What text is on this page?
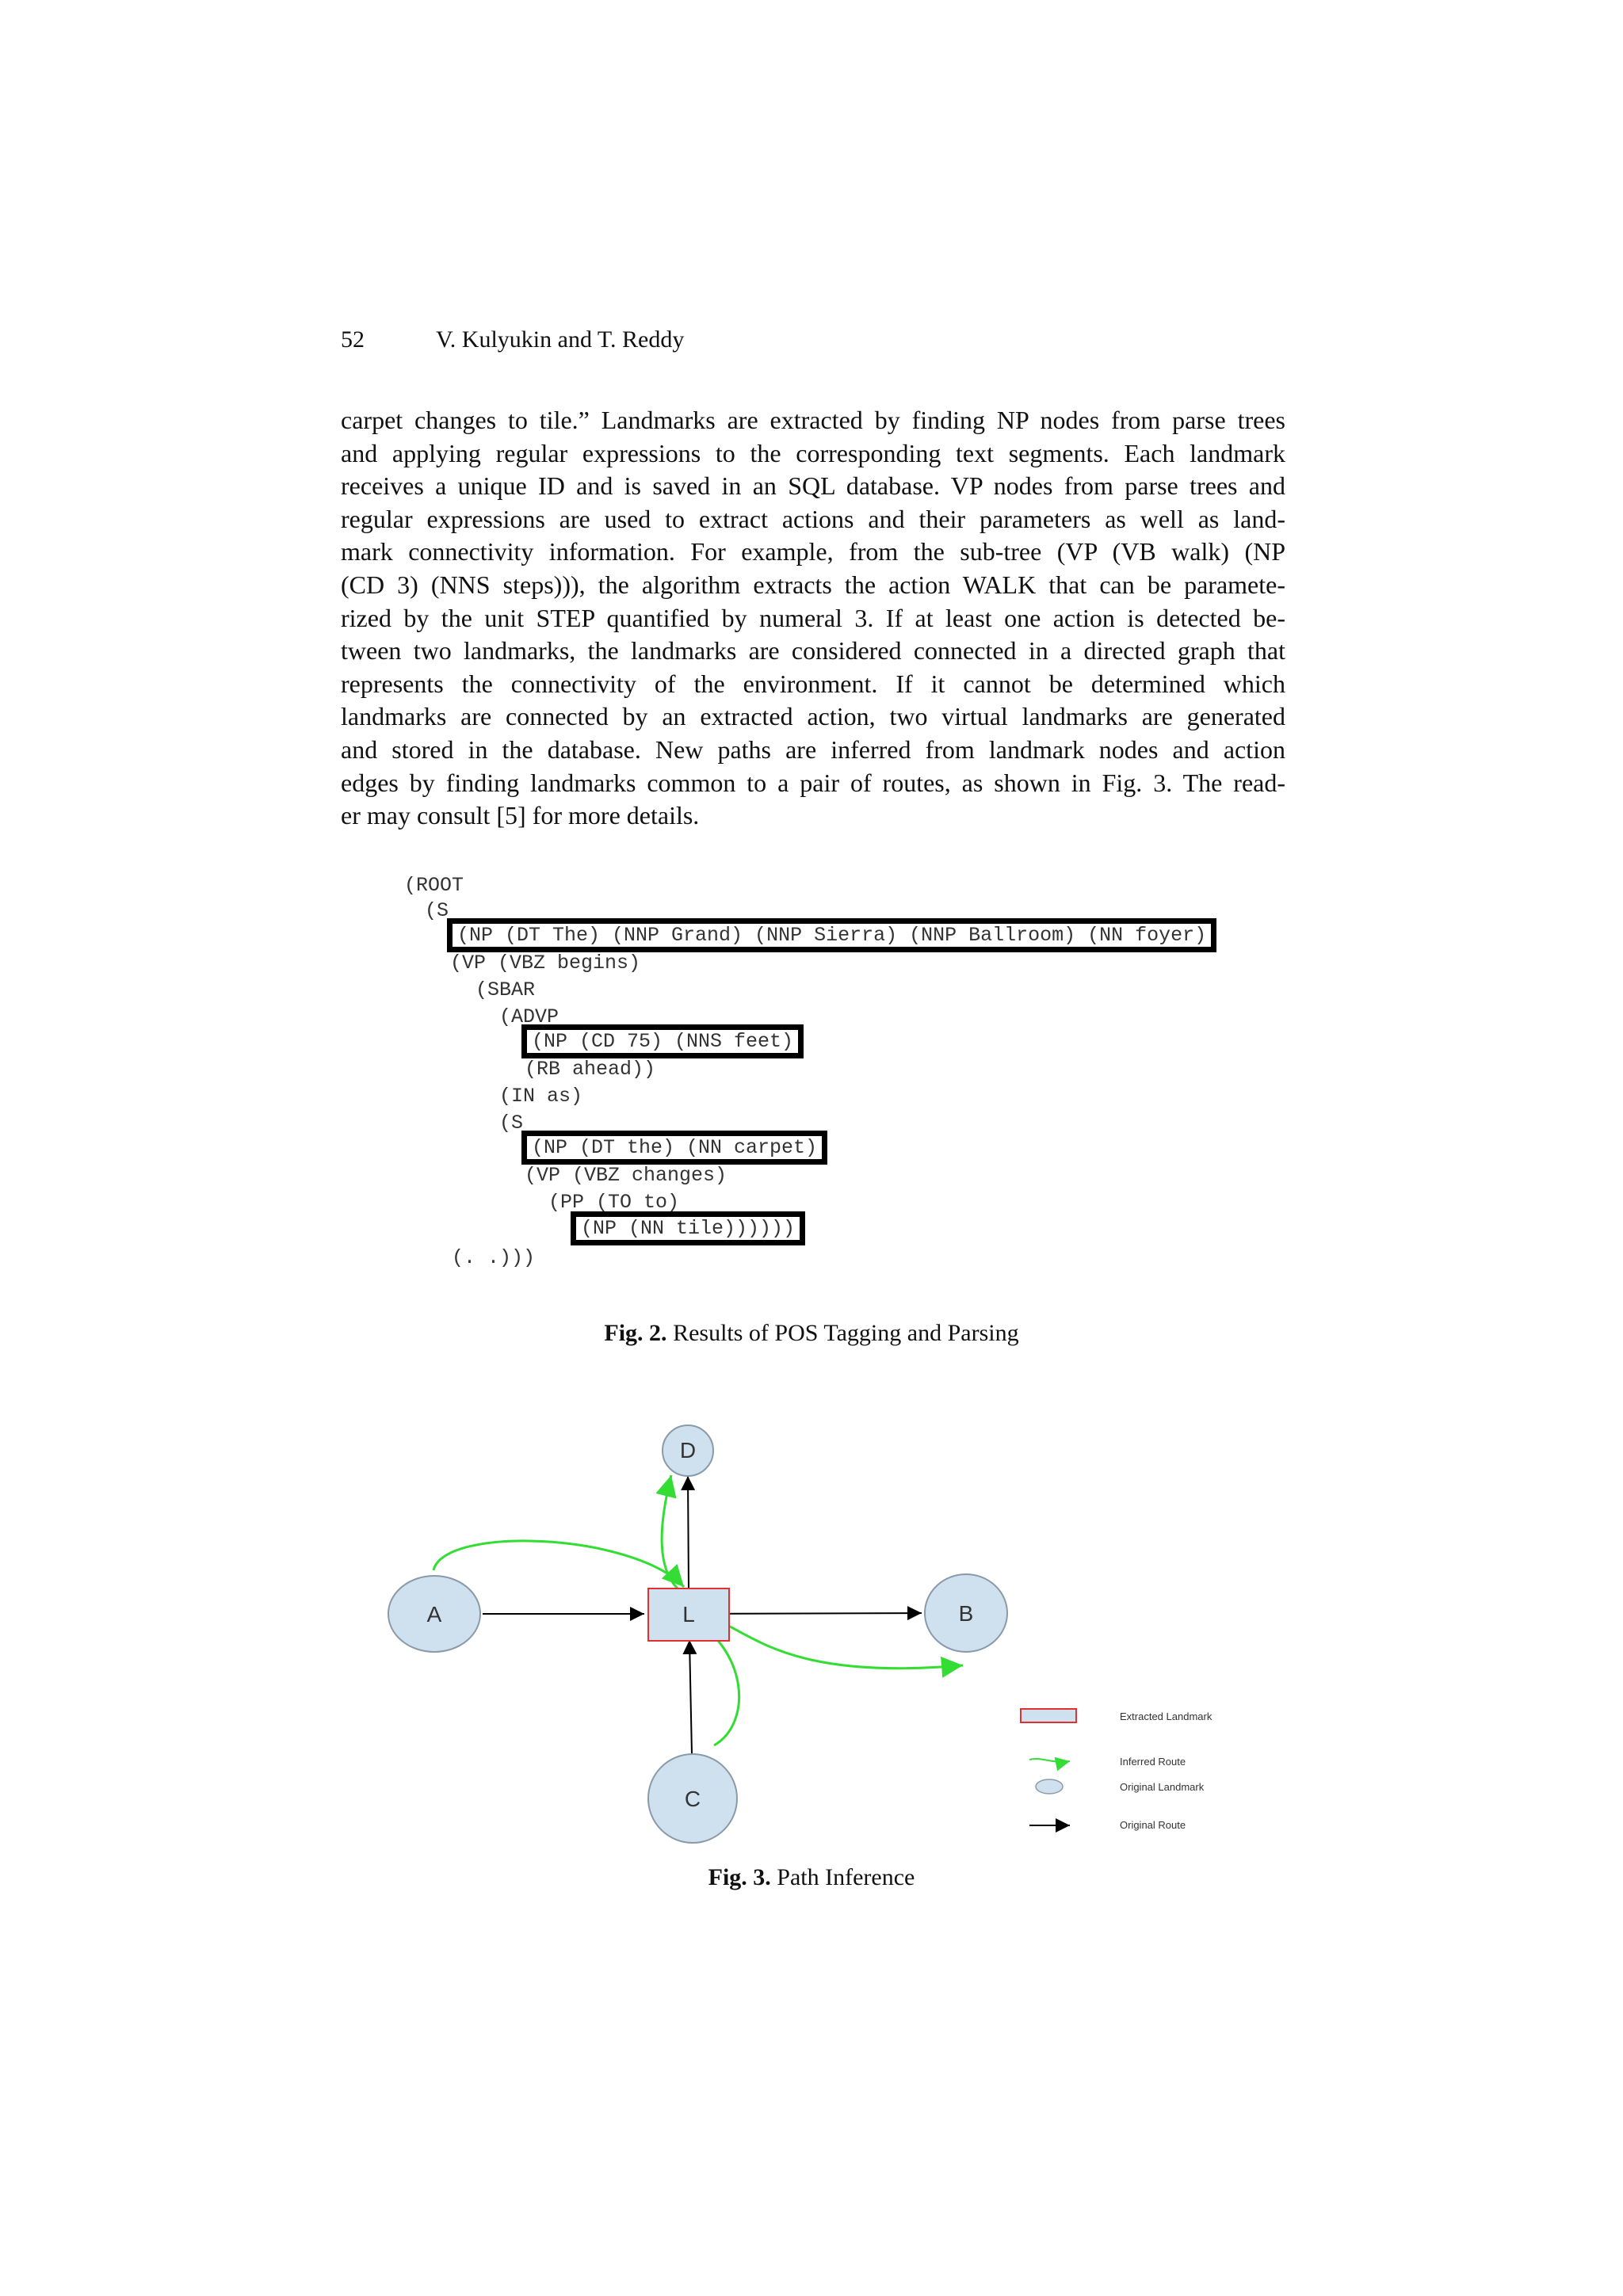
52	V. Kulyukin and T. Reddy
carpet changes to tile.” Landmarks are extracted by finding NP nodes from parse trees
and applying regular expressions to the corresponding text segments. Each landmark
receives a unique ID and is saved in an SQL database. VP nodes from parse trees and
regular expressions are used to extract actions and their parameters as well as land-
mark connectivity information. For example, from the sub-tree (VP (VB walk) (NP
(CD 3) (NNS steps))), the algorithm extracts the action WALK that can be paramete-
rized by the unit STEP quantified by numeral 3. If at least one action is detected be-
tween two landmarks, the landmarks are considered connected in a directed graph that
represents the connectivity of the environment. If it cannot be determined which
landmarks are connected by an extracted action, two virtual landmarks are generated
and stored in the database. New paths are inferred from landmark nodes and action
edges by finding landmarks common to a pair of routes, as shown in Fig. 3. The read-
er may consult [5] for more details.
(ROOT
(S
(NP (DT The) (NNP Grand) (NNP Sierra) (NNP Ballroom) (NN foyer)
(VP (VBZ begins)
(SBAR
(ADVP
(NP (CD 75) (NNS feet)
(RB ahead))
(IN as)
(S
(NP (DT the) (NN carpet)
(VP (VBZ changes)
(PP (TO to)
(NP (NN tile))))))
(. .)))
Fig. 2. Results of POS Tagging and Parsing
D
A	L	B
C
Extracted Landmark
Inferred Route
Original Landmark
Original Route
Fig. 3. Path Inference
